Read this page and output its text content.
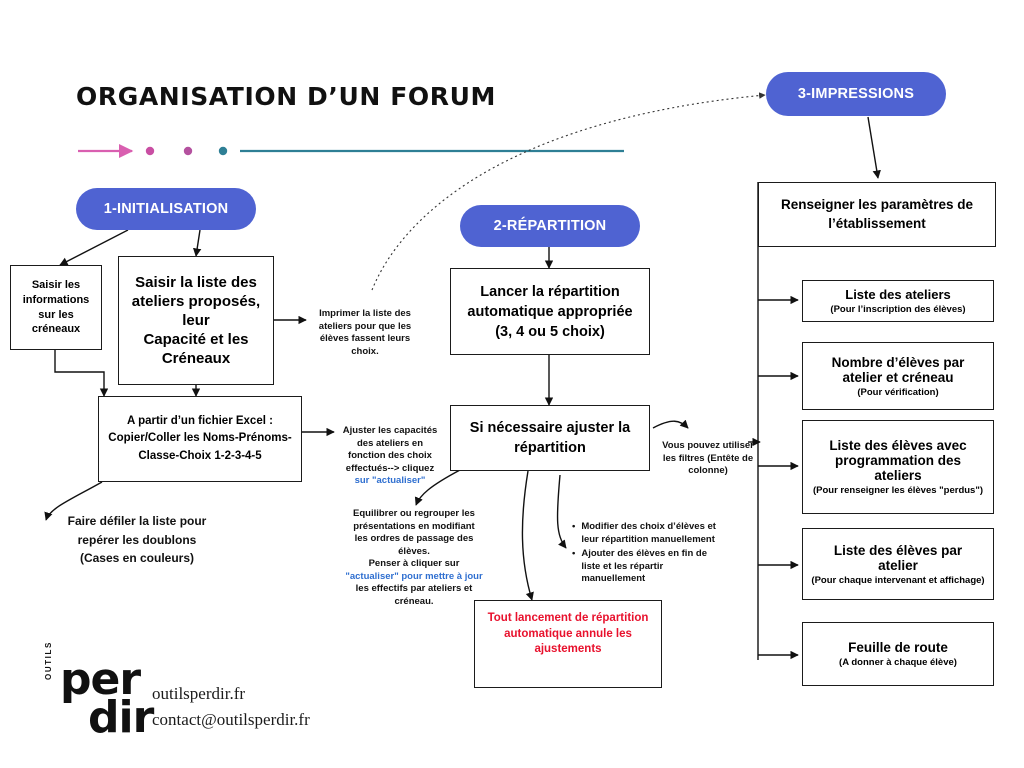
ORGANISATION D’UN FORUM
1-INITIALISATION
Saisir les informations sur les créneaux
Saisir la liste des
ateliers proposés,
leur
Capacité et les
Créneaux
A partir d’un fichier Excel :
Copier/Coller les Noms-Prénoms-
Classe-Choix 1-2-3-4-5
Faire défiler la liste pour
repérer les doublons
(Cases en couleurs)
Imprimer la liste des
ateliers pour que les
élèves fassent leurs
choix.
Ajuster les capacités
des ateliers en
fonction des choix
effectués--> cliquez
sur "actualiser"
2-RÉPARTITION
Lancer la répartition
automatique appropriée
(3, 4 ou 5 choix)
Si nécessaire ajuster la
répartition
Equilibrer ou regrouper les
présentations en modifiant
les ordres de passage des
élèves.
Penser à cliquer sur
"actualiser" pour mettre à jour
les effectifs par ateliers et
créneau.
Vous pouvez utiliser
les filtres (Entête de
colonne)
• Modifier des choix d’élèves et
leur répartition manuellement
• Ajouter des élèves en fin de
liste et les répartir
manuellement
Tout lancement de répartition
automatique annule les
ajustements
3-IMPRESSIONS
Renseigner les paramètres de
l’établissement
Liste des ateliers
(Pour l’inscription des élèves)
Nombre d’élèves par
atelier et créneau
(Pour vérification)
Liste des élèves avec
programmation des
ateliers
(Pour renseigner les élèves "perdus")
Liste des élèves par
atelier
(Pour chaque intervenant et affichage)
Feuille de route
(A donner à chaque élève)
OUTILS per
dir
outilsperdir.fr
contact@outilsperdir.fr
